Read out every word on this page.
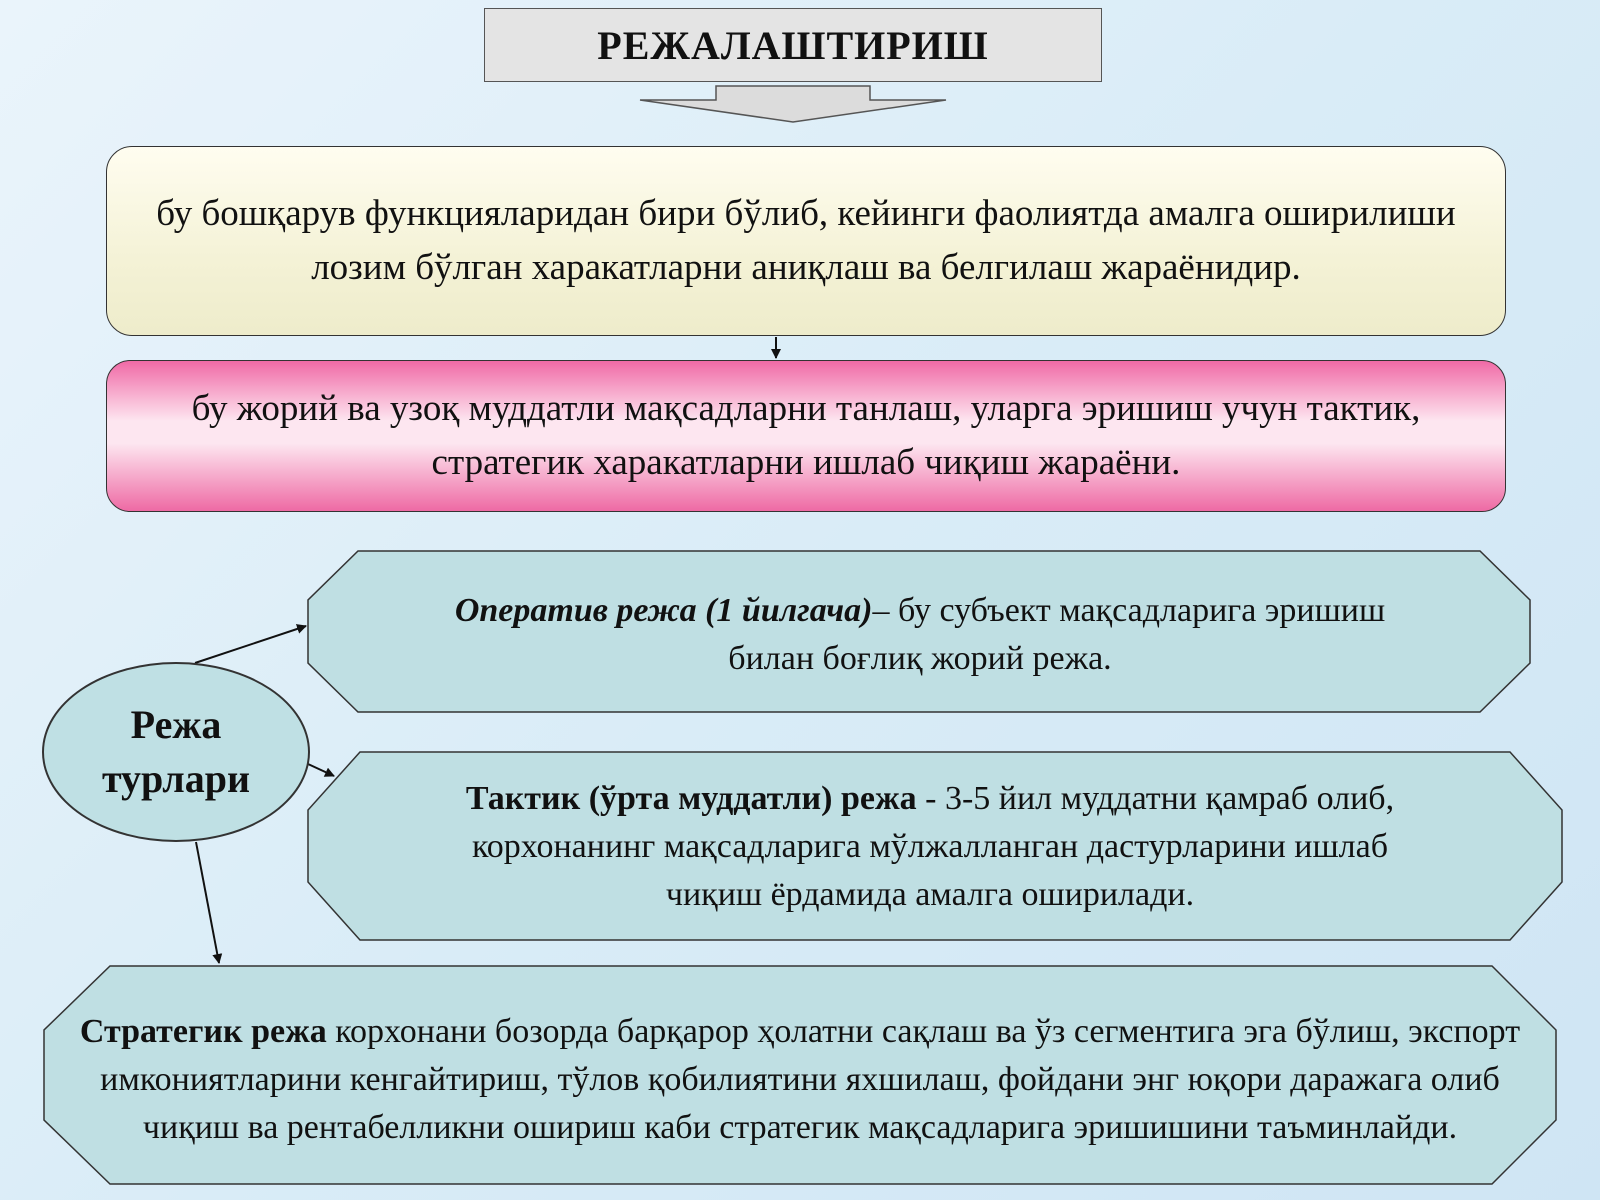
РЕЖАЛАШТИРИШ
бу бошқарув функцияларидан бири бўлиб, кейинги фаолиятда амалга оширилиши лозим бўлган харакатларни аниқлаш ва белгилаш жараёнидир.
бу жорий ва узоқ муддатли мақсадларни танлаш, уларга эришиш учун тактик, стратегик харакатларни ишлаб чиқиш жараёни.
Режа
турлари
Оператив режа (1 йилгача)– бу субъект мақсадларига эришиш билан боғлиқ жорий режа.
Тактик (ўрта муддатли) режа - 3-5 йил муддатни қамраб олиб, корхонанинг мақсадларига мўлжалланган дастурларини ишлаб чиқиш ёрдамида амалга оширилади.
Стратегик режа корхонани бозорда барқарор ҳолатни сақлаш ва ўз сегментига эга бўлиш, экспорт имкониятларини кенгайтириш, тўлов қобилиятини яхшилаш, фойдани энг юқори даражага олиб чиқиш ва рентабелликни ошириш каби стратегик мақсадларига эришишини таъминлайди.
